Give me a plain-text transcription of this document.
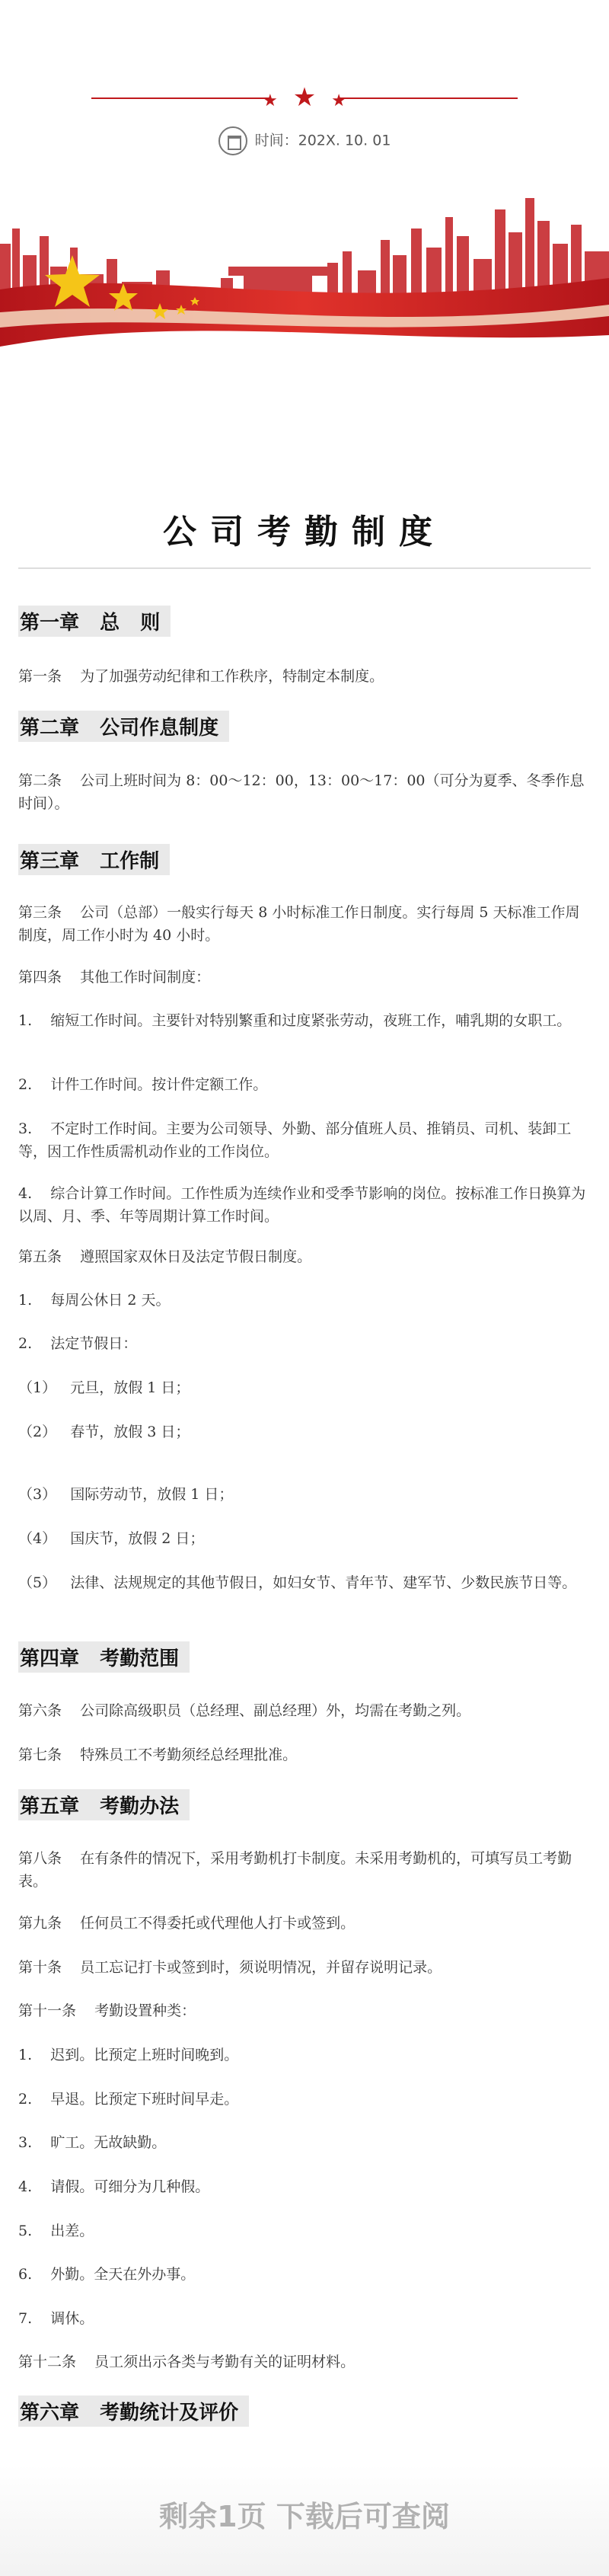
★ ★ ★
时间：202X. 10. 01
公司考勤制度
第一章   总   则

第一条    为了加强劳动纪律和工作秩序，特制定本制度。

第二章   公司作息制度

第二条    公司上班时间为 8：00～12：00，13：00～17：00（可分为夏季、冬季作息时间）。

第三章   工作制

第三条    公司（总部）一般实行每天 8 小时标准工作日制度。实行每周 5 天标准工作周制度，周工作小时为 40 小时。

第四条    其他工作时间制度：

1.    缩短工作时间。主要针对特别繁重和过度紧张劳动，夜班工作，哺乳期的女职工。

2.    计件工作时间。按计件定额工作。

3.    不定时工作时间。主要为公司领导、外勤、部分值班人员、推销员、司机、装卸工等，因工作性质需机动作业的工作岗位。

4.    综合计算工作时间。工作性质为连续作业和受季节影响的岗位。按标准工作日换算为以周、月、季、年等周期计算工作时间。

第五条    遵照国家双休日及法定节假日制度。

1.    每周公休日 2 天。

2.    法定节假日：

（1）   元旦，放假 1 日；

（2）   春节，放假 3 日；

（3）   国际劳动节，放假 1 日；

（4）   国庆节，放假 2 日；

（5）   法律、法规规定的其他节假日，如妇女节、青年节、建军节、少数民族节日等。

第四章   考勤范围

第六条    公司除高级职员（总经理、副总经理）外，均需在考勤之列。

第七条    特殊员工不考勤须经总经理批准。

第五章   考勤办法

第八条    在有条件的情况下，采用考勤机打卡制度。未采用考勤机的，可填写员工考勤表。

第九条    任何员工不得委托或代理他人打卡或签到。

第十条    员工忘记打卡或签到时，须说明情况，并留存说明记录。

第十一条    考勤设置种类：

1.    迟到。比预定上班时间晚到。

2.    早退。比预定下班时间早走。

3.    旷工。无故缺勤。

4.    请假。可细分为几种假。

5.    出差。

6.    外勤。全天在外办事。

7.    调休。

第十二条    员工须出示各类与考勤有关的证明材料。

第六章   考勤统计及评价
剩余1页 下载后可查阅
